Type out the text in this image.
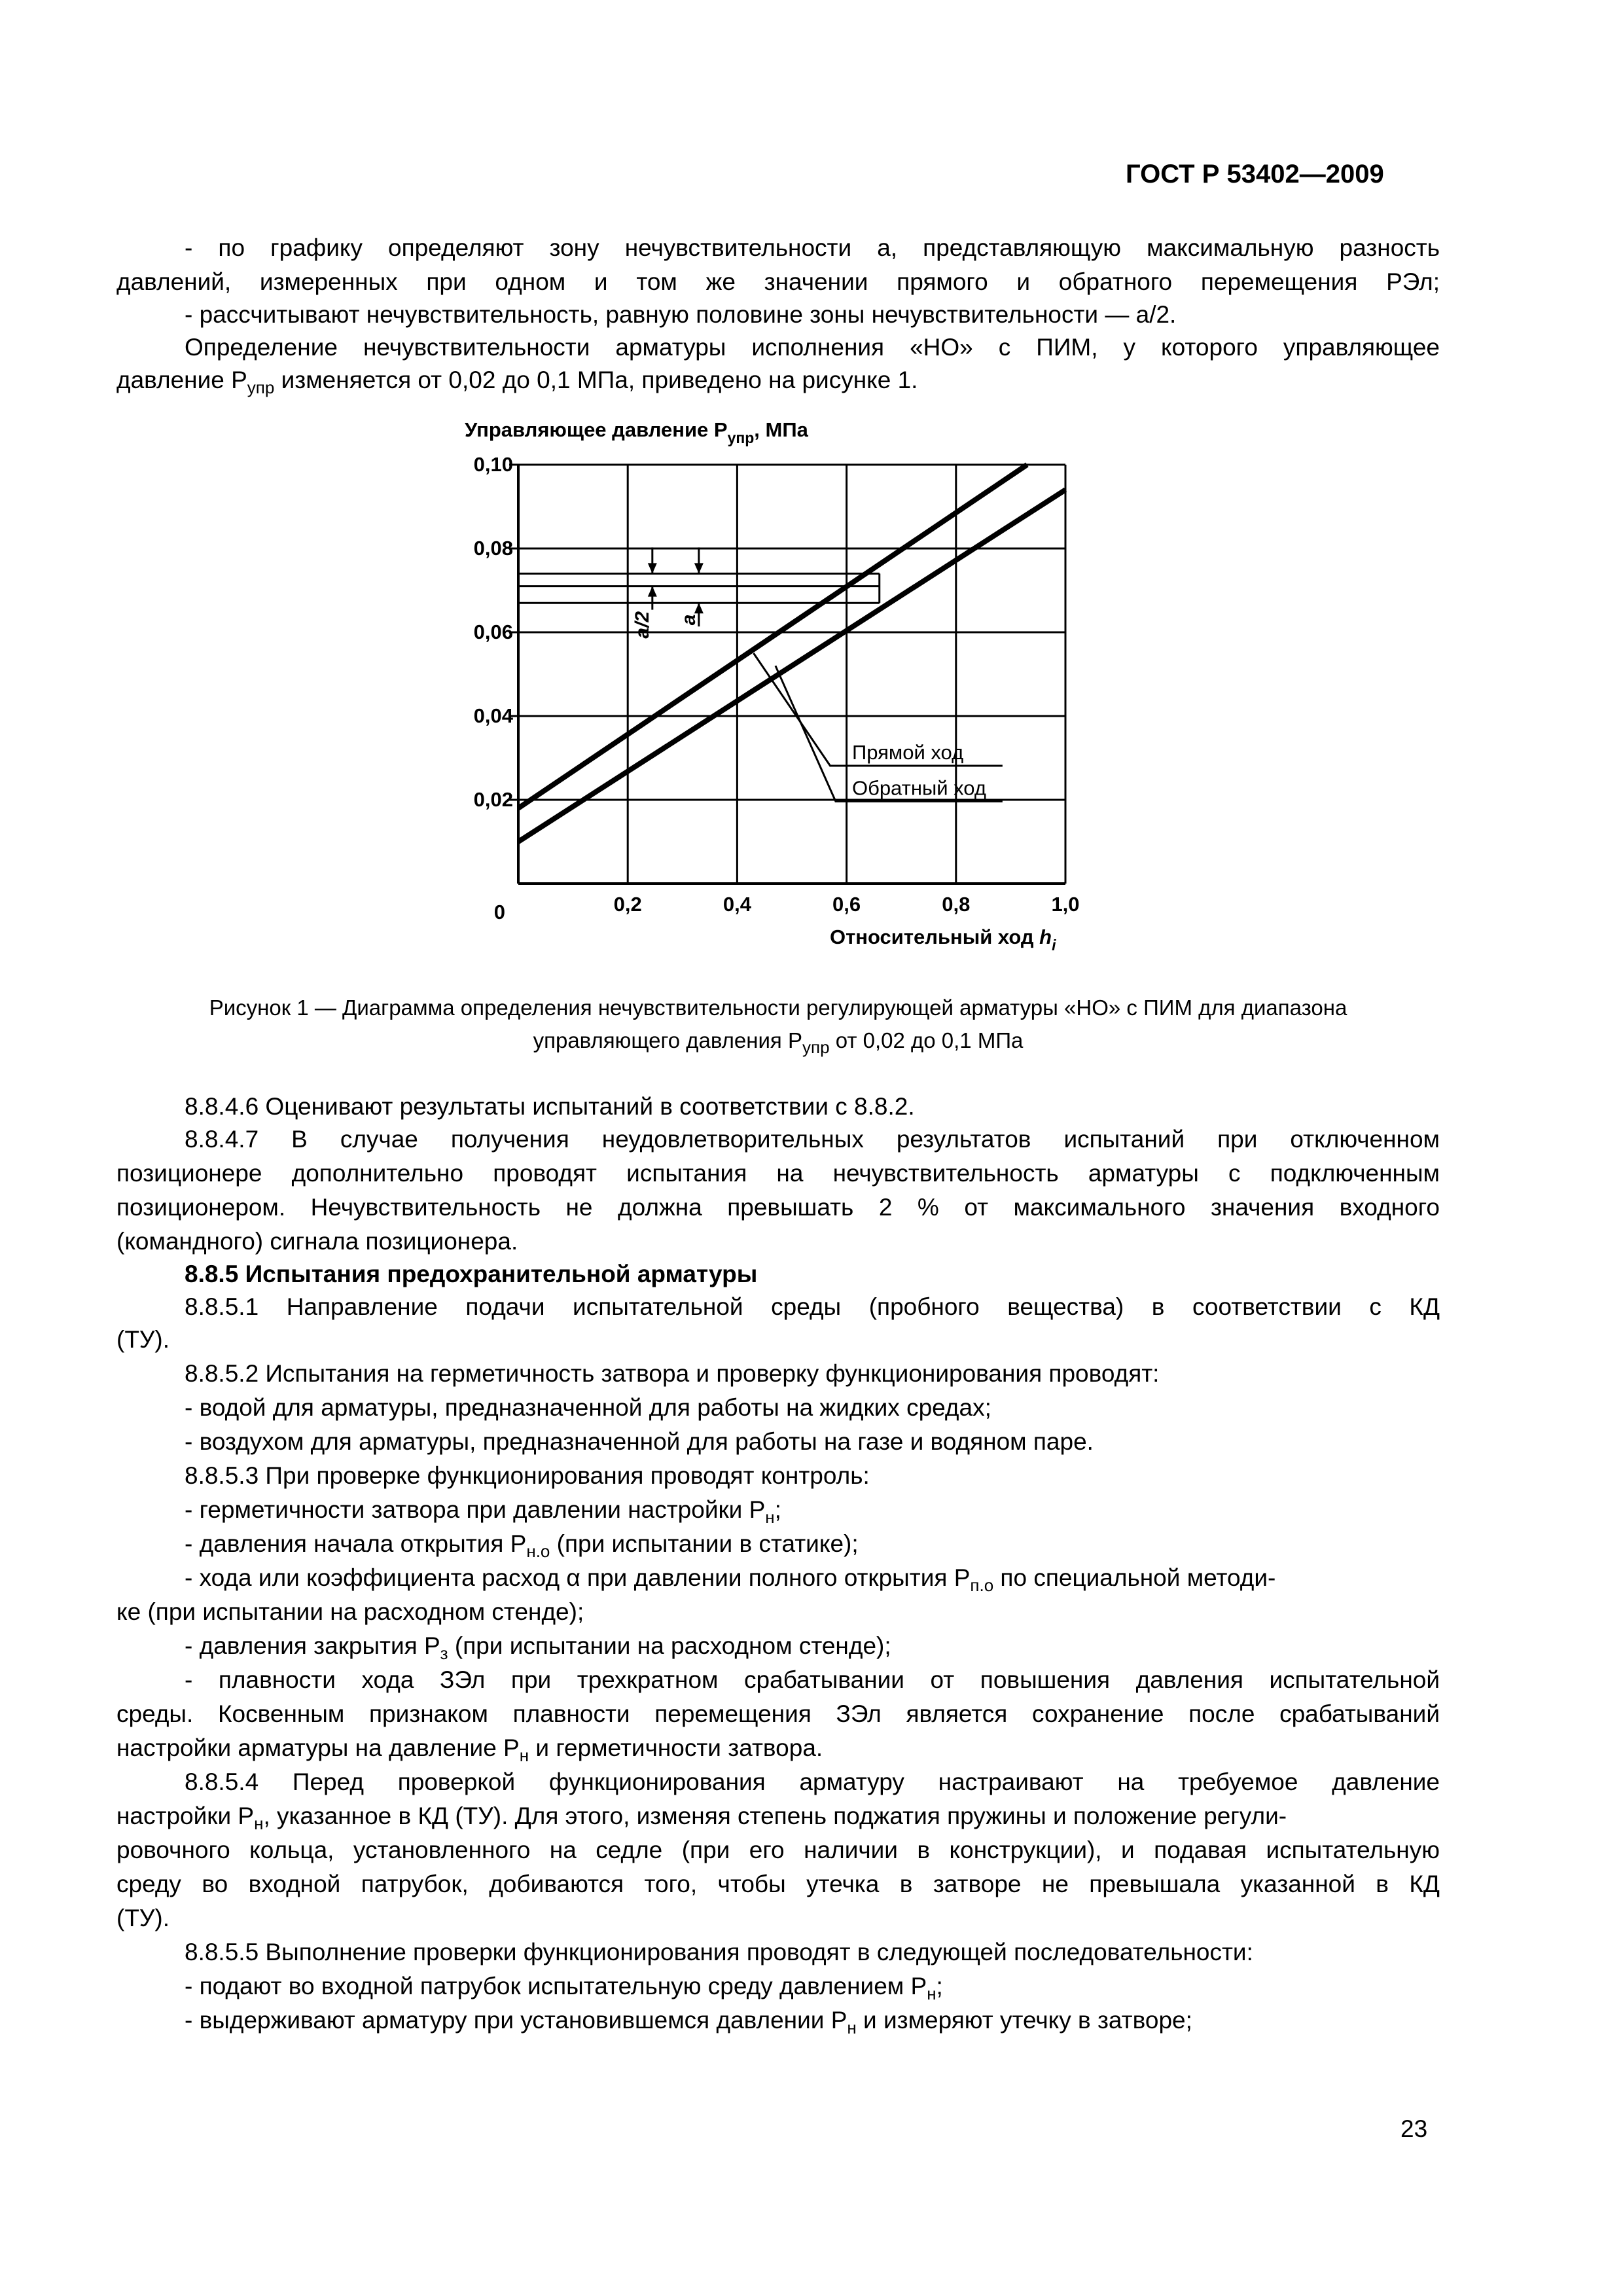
ГОСТ Р 53402—2009
- по графику определяют зону нечувствительности a, представляющую максимальную разность
давлений, измеренных при одном и том же значении прямого и обратного перемещения РЭл;
- рассчитывают нечувствительность, равную половине зоны нечувствительности — a/2.
Определение нечувствительности арматуры исполнения «НО» с ПИМ, у которого управляющее
давление $P_{упр}$ изменяется от 0,02 до 0,1 МПа, приведено на рисунке 1.
Управляющее давление $P_{упр}$, МПа
0
0,02
0,04
0,06
0,08
0,10
0,2	0,4	0,6	0,8	1,0
Прямой ход
Обратный ход
a/2 a
Относительный ход $h_i$
Рисунок 1 — Диаграмма определения нечувствительности регулирующей арматуры «НО» с ПИМ для диапазона
управляющего давления $P_{упр}$ от 0,02 до 0,1 МПа
8.8.4.6 Оценивают результаты испытаний в соответствии с 8.8.2.
8.8.4.7 В случае получения неудовлетворительных результатов испытаний при отключенном
позиционере дополнительно проводят испытания на нечувствительность арматуры с подключенным
позиционером. Нечувствительность не должна превышать 2 % от максимального значения входного
(командного) сигнала позиционера.
8.8.5 Испытания предохранительной арматуры
8.8.5.1 Направление подачи испытательной среды (пробного вещества) в соответствии с КД
(ТУ).
8.8.5.2 Испытания на герметичность затвора и проверку функционирования проводят:
- водой для арматуры, предназначенной для работы на жидких средах;
- воздухом для арматуры, предназначенной для работы на газе и водяном паре.
8.8.5.3 При проверке функционирования проводят контроль:
- герметичности затвора при давлении настройки $P_н$;
- давления начала открытия $P_{н.о}$ (при испытании в статике);
- хода или коэффициента расход α при давлении полного открытия $P_{п.о}$ по специальной методи-
ке (при испытании на расходном стенде);
- давления закрытия $P_з$ (при испытании на расходном стенде);
- плавности хода ЗЭл при трехкратном срабатывании от повышения давления испытательной
среды. Косвенным признаком плавности перемещения ЗЭл является сохранение после срабатываний
настройки арматуры на давление $P_н$ и герметичности затвора.
8.8.5.4 Перед проверкой функционирования арматуру настраивают на требуемое давление
настройки $P_н$, указанное в КД (ТУ). Для этого, изменяя степень поджатия пружины и положение регули-
ровочного кольца, установленного на седле (при его наличии в конструкции), и подавая испытательную
среду во входной патрубок, добиваются того, чтобы утечка в затворе не превышала указанной в КД
(ТУ).
8.8.5.5 Выполнение проверки функционирования проводят в следующей последовательности:
- подают во входной патрубок испытательную среду давлением $P_н$;
- выдерживают арматуру при установившемся давлении $P_н$ и измеряют утечку в затворе;
23
